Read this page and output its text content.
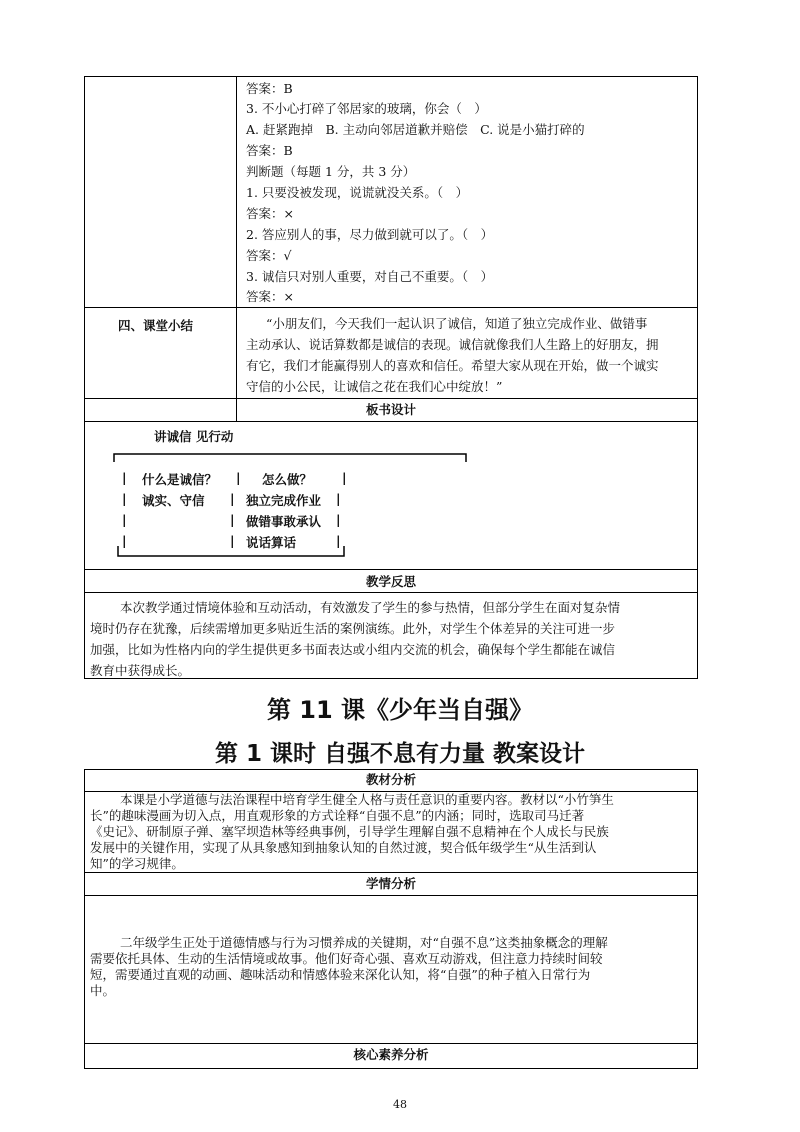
答案：B
3. 不小心打碎了邻居家的玻璃，你会（　）
A. 赶紧跑掉　B. 主动向邻居道歉并赔偿　C. 说是小猫打碎的
答案：B
判断题（每题 1 分，共 3 分）
1. 只要没被发现，说谎就没关系。（　）
答案：×
2. 答应别人的事，尽力做到就可以了。（　）
答案：√
3. 诚信只对别人重要，对自己不重要。（　）
答案：×
四、课堂小结	“小朋友们，今天我们一起认识了诚信，知道了独立完成作业、做错事
主动承认、说话算数都是诚信的表现。诚信就像我们人生路上的好朋友，拥
有它，我们才能赢得别人的喜欢和信任。希望大家从现在开始，做一个诚实
守信的小公民，让诚信之花在我们心中绽放！”
板书设计
讲诚信 见行动
| 什么是诚信？ | 怎么做？ |
| 诚实、守信 | 独立完成作业 |
|	| 做错事敢承认 |
|	| 说话算话	|
教学反思
本次教学通过情境体验和互动活动，有效激发了学生的参与热情，但部分学生在面对复杂情
境时仍存在犹豫，后续需增加更多贴近生活的案例演练。此外，对学生个体差异的关注可进一步
加强，比如为性格内向的学生提供更多书面表达或小组内交流的机会，确保每个学生都能在诚信
教育中获得成长。
第 11 课《少年当自强》
第 1 课时 自强不息有力量 教案设计
教材分析
本课是小学道德与法治课程中培育学生健全人格与责任意识的重要内容。教材以“小竹笋生
长”的趣味漫画为切入点，用直观形象的方式诠释“自强不息”的内涵；同时，选取司马迁著
《史记》、研制原子弹、塞罕坝造林等经典事例，引导学生理解自强不息精神在个人成长与民族
发展中的关键作用，实现了从具象感知到抽象认知的自然过渡，契合低年级学生“从生活到认
知”的学习规律。
学情分析
二年级学生正处于道德情感与行为习惯养成的关键期，对“自强不息”这类抽象概念的理解
需要依托具体、生动的生活情境或故事。他们好奇心强、喜欢互动游戏，但注意力持续时间较
短，需要通过直观的动画、趣味活动和情感体验来深化认知，将“自强”的种子植入日常行为
中。
核心素养分析
48
